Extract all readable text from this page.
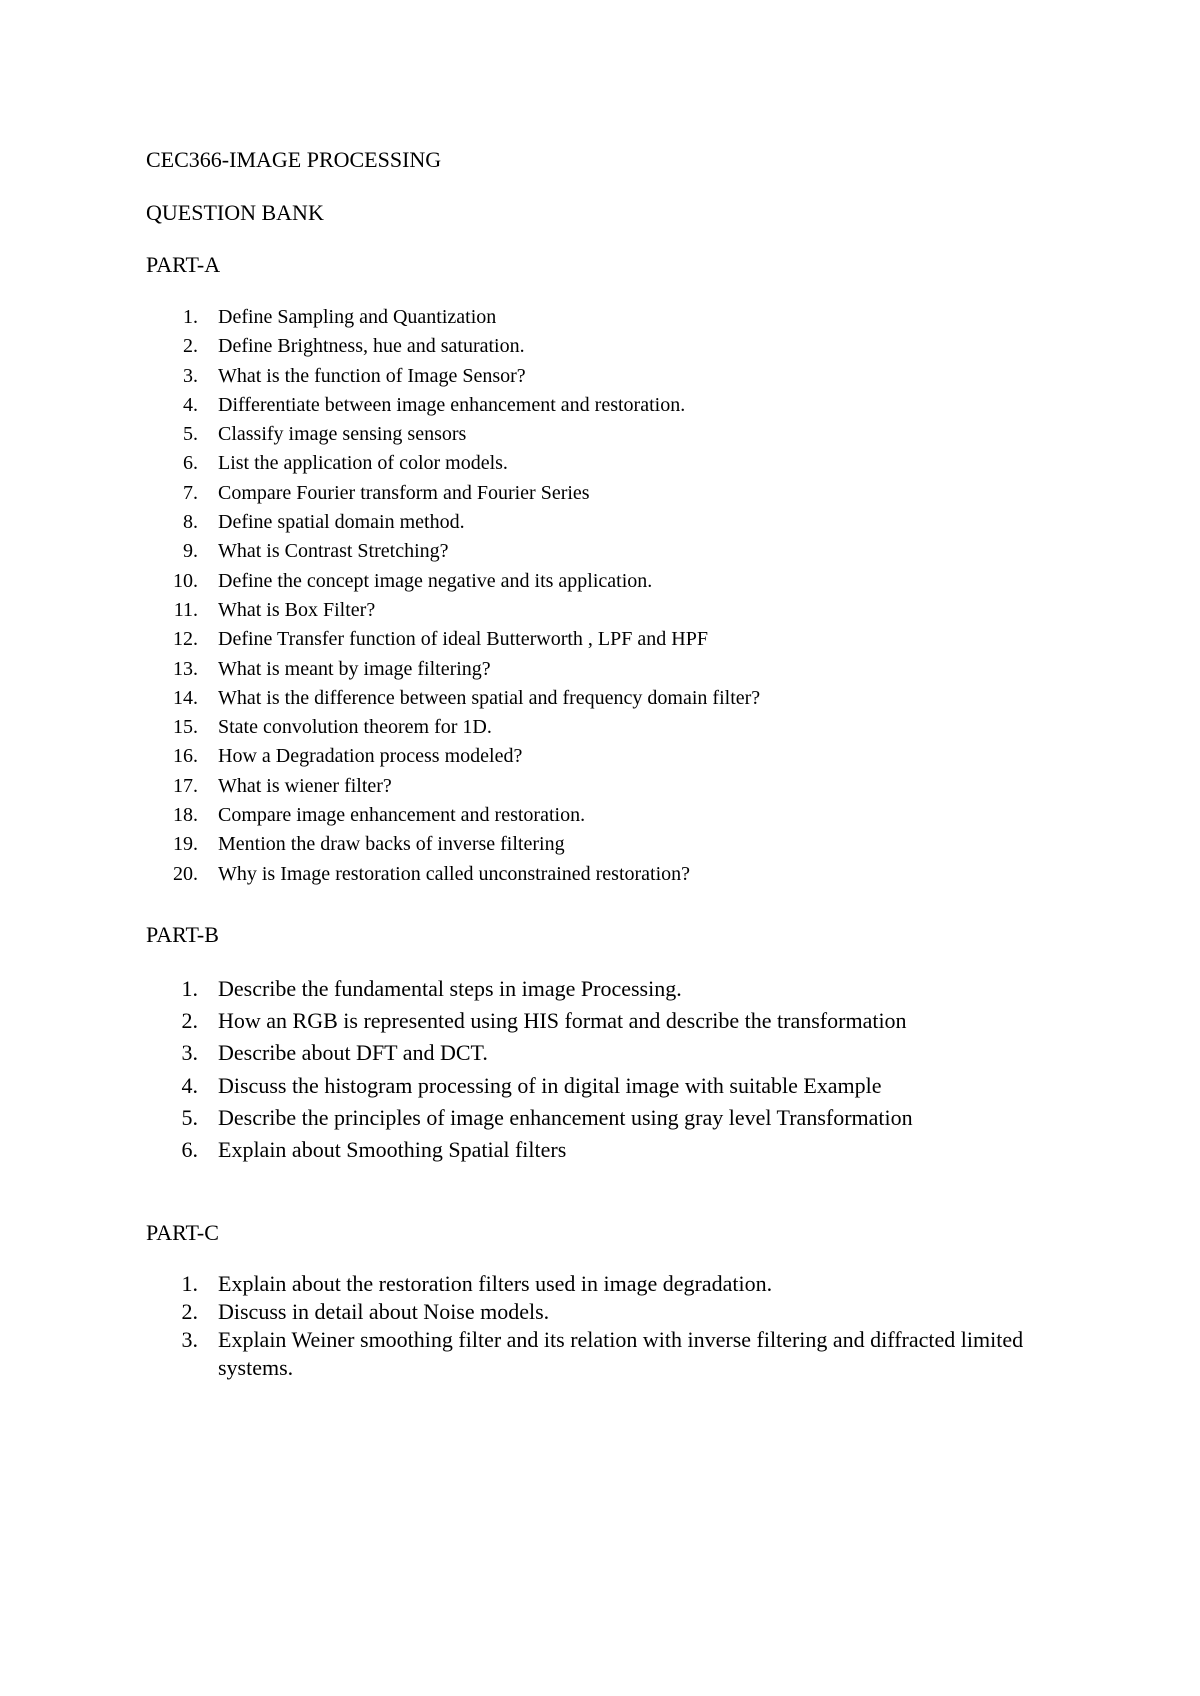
CEC366-IMAGE PROCESSING
QUESTION BANK
PART-A
1. Define Sampling and Quantization
2. Define Brightness, hue and saturation.
3. What is the function of Image Sensor?
4. Differentiate between image enhancement and restoration.
5. Classify image sensing sensors
6. List the application of color models.
7. Compare Fourier transform and Fourier Series
8. Define spatial domain method.
9. What is Contrast Stretching?
10. Define the concept image negative and its application.
11. What is Box Filter?
12. Define Transfer function of ideal Butterworth , LPF and HPF
13. What is meant by image filtering?
14. What is the difference between spatial and frequency domain filter?
15. State convolution theorem for 1D.
16. How a Degradation process modeled?
17. What is wiener filter?
18. Compare image enhancement and restoration.
19. Mention the draw backs of inverse filtering
20. Why is Image restoration called unconstrained restoration?
PART-B
1. Describe the fundamental steps in image Processing.
2. How an RGB is represented using HIS format and describe the transformation
3. Describe about DFT and DCT.
4. Discuss the histogram processing of in digital image with suitable Example
5. Describe the principles of image enhancement using gray level Transformation
6. Explain about Smoothing Spatial filters
PART-C
1. Explain about the restoration filters used in image degradation.
2. Discuss in detail about Noise models.
3. Explain Weiner smoothing filter and its relation with inverse filtering and diffracted limited systems.
